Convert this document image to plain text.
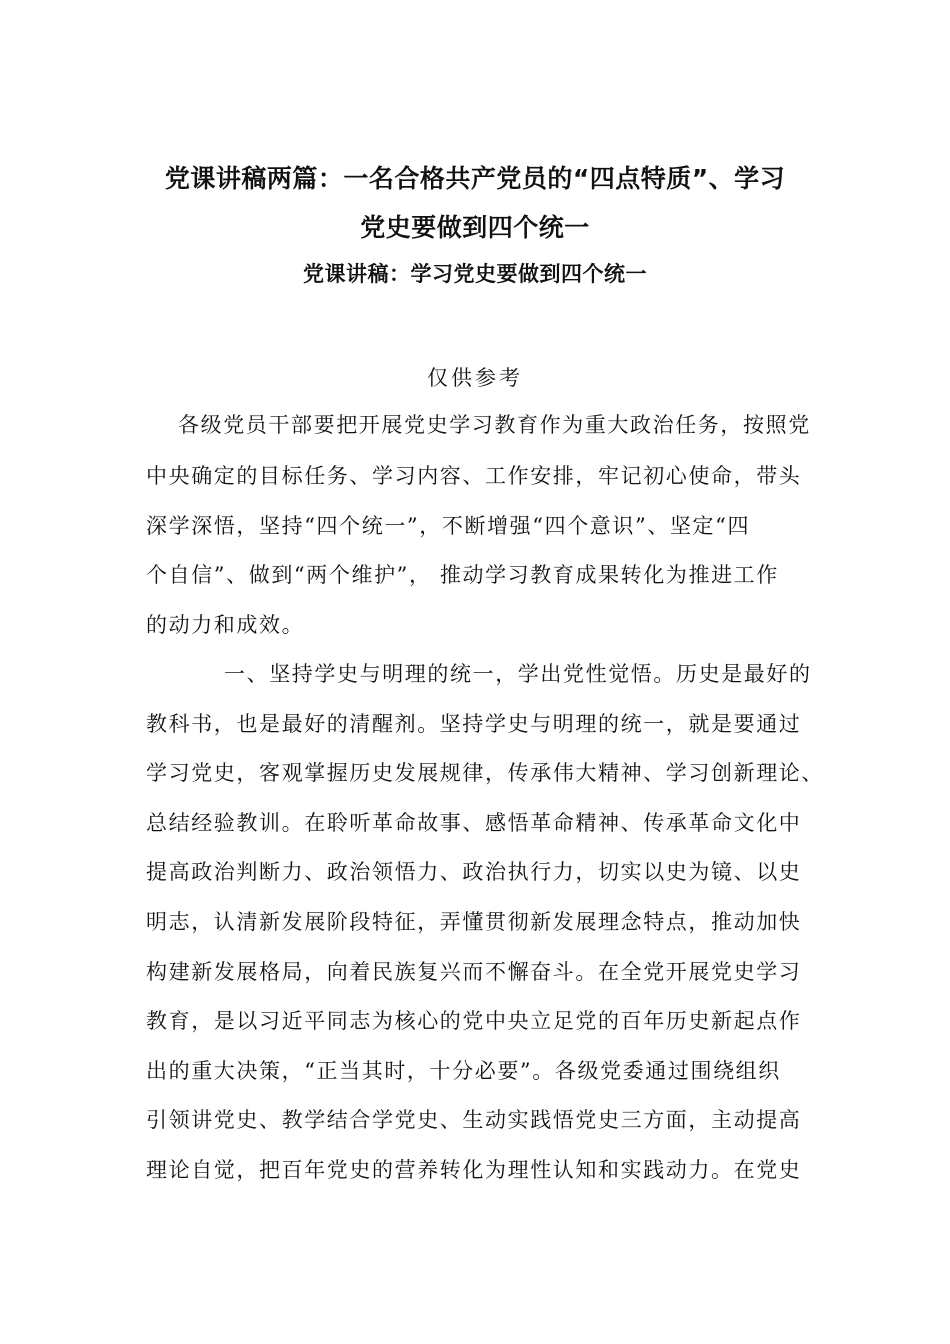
党课讲稿两篇：一名合格共产党员的“四点特质”、学习
党史要做到四个统一
党课讲稿：学习党史要做到四个统一
仅供参考
各级党员干部要把开展党史学习教育作为重大政治任务，按照党
中央确定的目标任务、学习内容、工作安排，牢记初心使命，带头
深学深悟，坚持“四个统一”，不断增强“四个意识”、坚定“四
个自信”、做到“两个维护”， 推动学习教育成果转化为推进工作
的动力和成效。
一、坚持学史与明理的统一，学出党性觉悟。历史是最好的
教科书，也是最好的清醒剂。坚持学史与明理的统一，就是要通过
学习党史，客观掌握历史发展规律，传承伟大精神、学习创新理论、
总结经验教训。在聆听革命故事、感悟革命精神、传承革命文化中
提高政治判断力、政治领悟力、政治执行力，切实以史为镜、以史
明志，认清新发展阶段特征，弄懂贯彻新发展理念特点，推动加快
构建新发展格局，向着民族复兴而不懈奋斗。在全党开展党史学习
教育，是以习近平同志为核心的党中央立足党的百年历史新起点作
出的重大决策，“正当其时，十分必要”。各级党委通过围绕组织
引领讲党史、教学结合学党史、生动实践悟党史三方面，主动提高
理论自觉，把百年党史的营养转化为理性认知和实践动力。在党史
